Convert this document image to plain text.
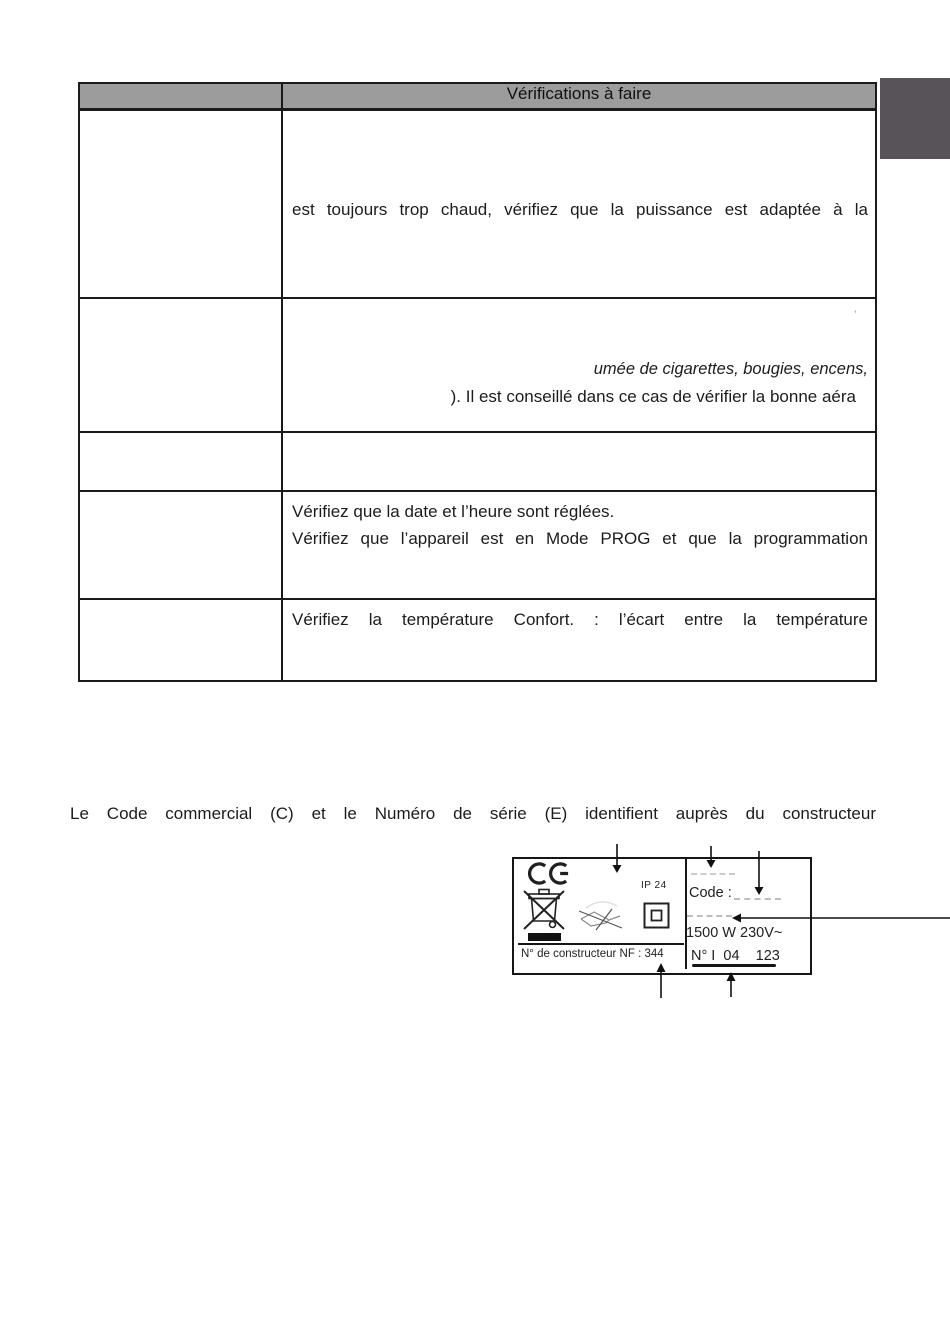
	Vérifications à faire

	est toujours trop chaud, vérifiez que la puissance est adaptée à la

	umée de cigarettes, bougies, encens,
). Il est conseillé dans ce cas de vérifier la bonne aéra

	Vérifiez que la date et l’heure sont réglées.
Vérifiez que l’appareil est en Mode PROG et que la programmation

	Vérifiez la température Confort. : l’écart entre la température
’

Le Code commercial (C) et le Numéro de série (E) identifient auprès du constructeur

IP 24
N° de constructeur NF : 344
Code :
1500 W 230V~
N° I  04    123
